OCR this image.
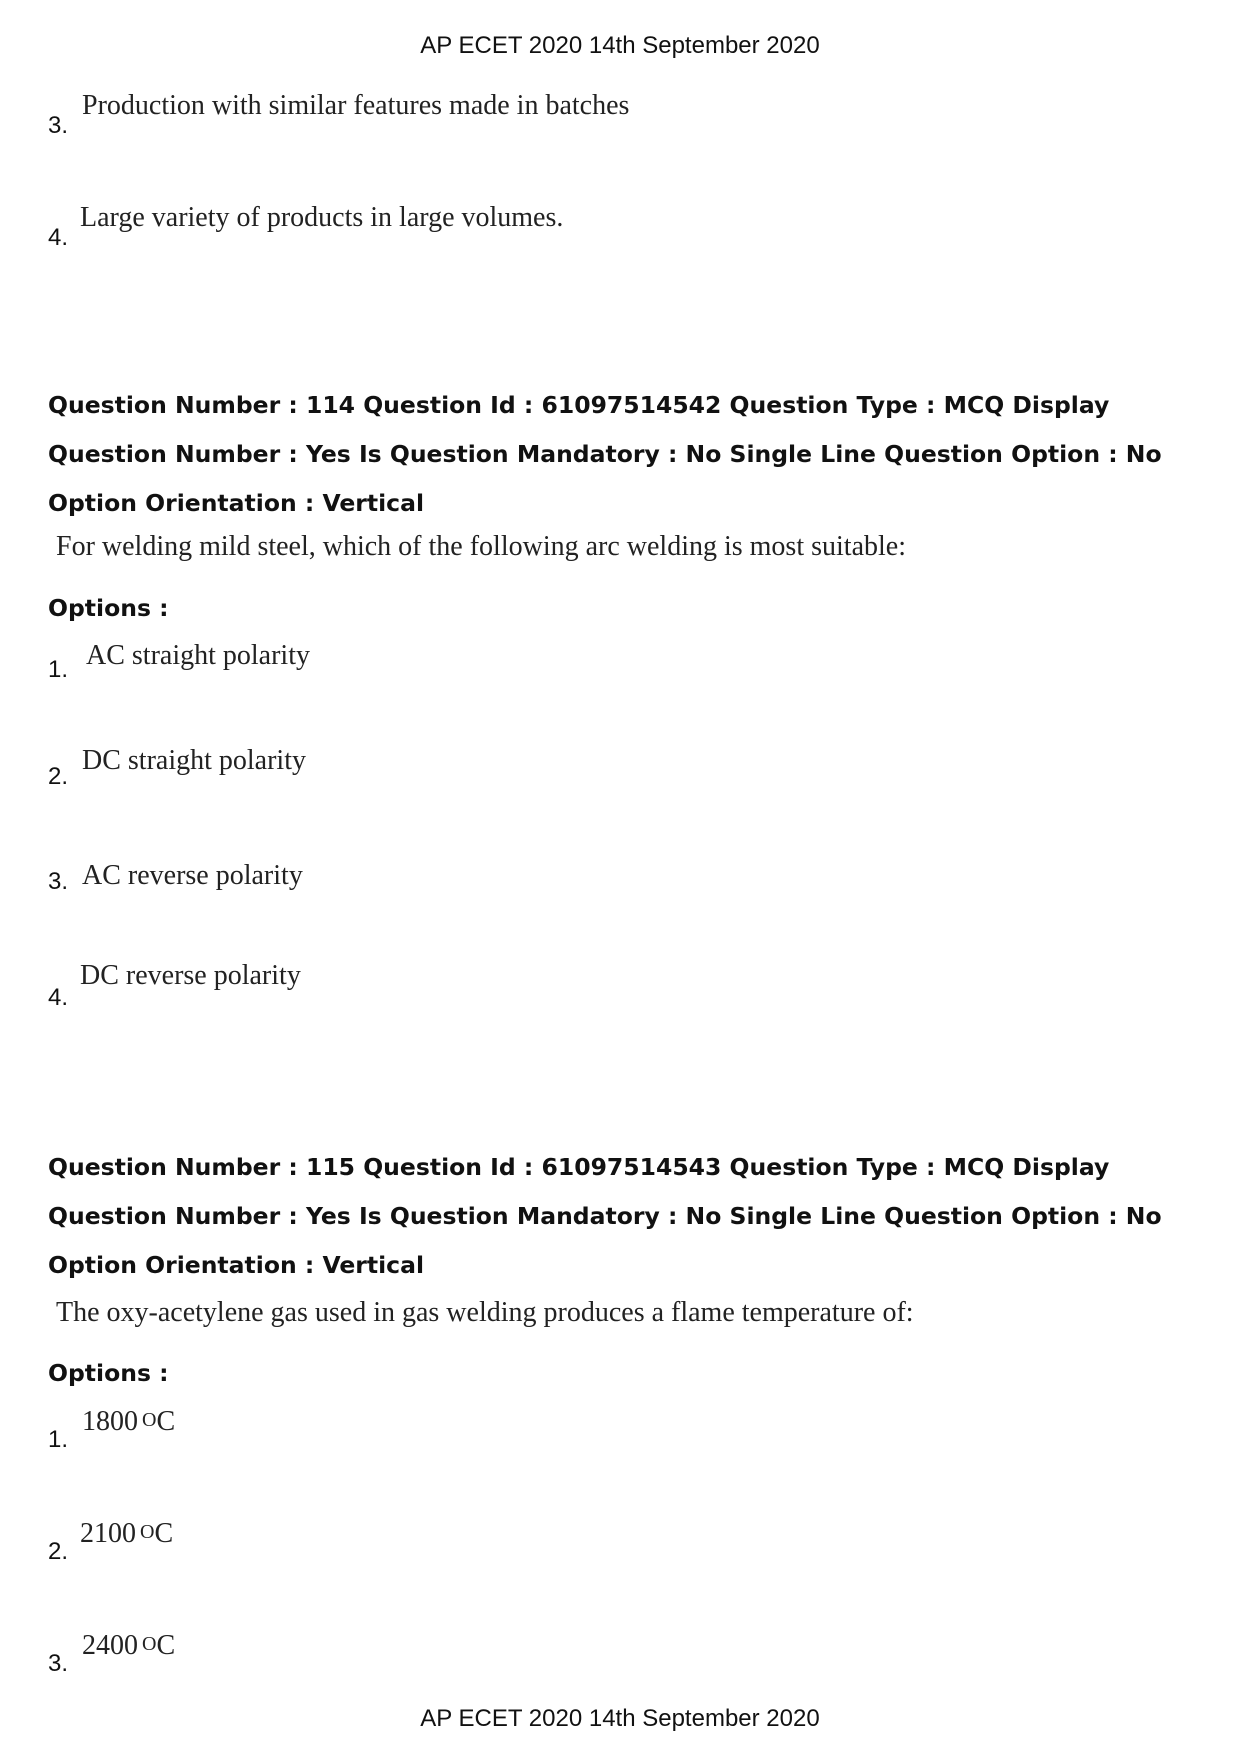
AP ECET 2020 14th September 2020
3.
Production with similar features made in batches
4.
Large variety of products in large volumes.
Question Number : 114 Question Id : 61097514542 Question Type : MCQ Display Question Number : Yes Is Question Mandatory : No Single Line Question Option : No Option Orientation : Vertical
For welding mild steel, which of the following arc welding is most suitable:
Options :
1. AC straight polarity
2.
DC straight polarity
3. AC reverse polarity
4.
DC reverse polarity
Question Number : 115 Question Id : 61097514543 Question Type : MCQ Display Question Number : Yes Is Question Mandatory : No Single Line Question Option : No Option Orientation : Vertical
The oxy-acetylene gas used in gas welding produces a flame temperature of:
Options :
1.
1800 $^O$C
2.
2100 $^O$C
3.
2400 $^O$C
AP ECET 2020 14th September 2020
